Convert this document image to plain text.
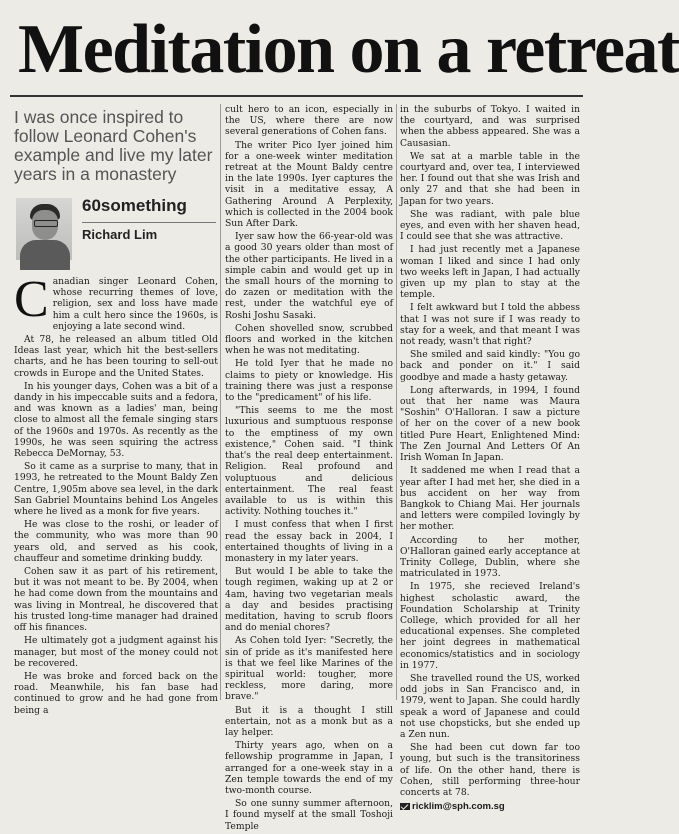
Meditation on a retreat
I was once inspired to follow Leonard Cohen's example and live my later years in a monastery
60something
Richard Lim
C anadian singer Leonard Cohen, whose recurring themes of love, religion, sex and loss have made him a cult hero since the 1960s, is enjoying a late second wind.

At 78, he released an album titled Old Ideas last year, which hit the best-sellers charts, and he has been touring to sell-out crowds in Europe and the United States.

In his younger days, Cohen was a bit of a dandy in his impeccable suits and a fedora, and was known as a ladies' man, being close to almost all the female singing stars of the 1960s and 1970s. As recently as the 1990s, he was seen squiring the actress Rebecca DeMornay, 53.

So it came as a surprise to many, that in 1993, he retreated to the Mount Baldy Zen Centre, 1,905m above sea level, in the dark San Gabriel Mountains behind Los Angeles where he lived as a monk for five years.

He was close to the roshi, or leader of the community, who was more than 90 years old, and served as his cook, chauffeur and sometime drinking buddy.

Cohen saw it as part of his retirement, but it was not meant to be. By 2004, when he had come down from the mountains and was living in Montreal, he discovered that his trusted long-time manager had drained off his finances.

He ultimately got a judgment against his manager, but most of the money could not be recovered.

He was broke and forced back on the road. Meanwhile, his fan base had continued to grow and he had gone from being a

cult hero to an icon, especially in the US, where there are now several generations of Cohen fans.

The writer Pico Iyer joined him for a one-week winter meditation retreat at the Mount Baldy centre in the late 1990s. Iyer captures the visit in a meditative essay, A Gathering Around A Perplexity, which is collected in the 2004 book Sun After Dark.

Iyer saw how the 66-year-old was a good 30 years older than most of the other participants. He lived in a simple cabin and would get up in the small hours of the morning to do zazen or meditation with the rest, under the watchful eye of Roshi Joshu Sasaki.

Cohen shovelled snow, scrubbed floors and worked in the kitchen when he was not meditating.

He told Iyer that he made no claims to piety or knowledge. His training there was just a response to the "predicament" of his life.

"This seems to me the most luxurious and sumptuous response to the emptiness of my own existence," Cohen said. "I think that's the real deep entertainment. Religion. Real profound and voluptuous and delicious entertainment. The real feast available to us is within this activity. Nothing touches it."

I must confess that when I first read the essay back in 2004, I entertained thoughts of living in a monastery in my later years.

But would I be able to take the tough regimen, waking up at 2 or 4am, having two vegetarian meals a day and besides practising meditation, having to scrub floors and do menial chores?

As Cohen told Iyer: "Secretly, the sin of pride as it's manifested here is that we feel like Marines of the spiritual world: tougher, more reckless, more daring, more brave."

But it is a thought I still entertain, not as a monk but as a lay helper.

Thirty years ago, when on a fellowship programme in Japan, I arranged for a one-week stay in a Zen temple towards the end of my two-month course.

So one sunny summer afternoon, I found myself at the small Toshoji Temple

in the suburbs of Tokyo. I waited in the courtyard, and was surprised when the abbess appeared. She was a Causasian.

We sat at a marble table in the courtyard and, over tea, I interviewed her. I found out that she was Irish and only 27 and that she had been in Japan for two years.

She was radiant, with pale blue eyes, and even with her shaven head, I could see that she was attractive.

I had just recently met a Japanese woman I liked and since I had only two weeks left in Japan, I had actually given up my plan to stay at the temple.

I felt awkward but I told the abbess that I was not sure if I was ready to stay for a week, and that meant I was not ready, wasn't that right?

She smiled and said kindly: "You go back and ponder on it." I said goodbye and made a hasty getaway.

Long afterwards, in 1994, I found out that her name was Maura "Soshin" O'Halloran. I saw a picture of her on the cover of a new book titled Pure Heart, Enlightened Mind: The Zen Journal And Letters Of An Irish Woman In Japan.

It saddened me when I read that a year after I had met her, she died in a bus accident on her way from Bangkok to Chiang Mai. Her journals and letters were compiled lovingly by her mother.

According to her mother, O'Halloran gained early acceptance at Trinity College, Dublin, where she matriculated in 1973.

In 1975, she recieved Ireland's highest scholastic award, the Foundation Scholarship at Trinity College, which provided for all her educational expenses. She completed her joint degrees in mathematical economics/statistics and in sociology in 1977.

She travelled round the US, worked odd jobs in San Francisco and, in 1979, went to Japan. She could hardly speak a word of Japanese and could not use chopsticks, but she ended up a Zen nun.

She had been cut down far too young, but such is the transitoriness of life. On the other hand, there is Cohen, still performing three-hour concerts at 78.

ricklim@sph.com.sg
